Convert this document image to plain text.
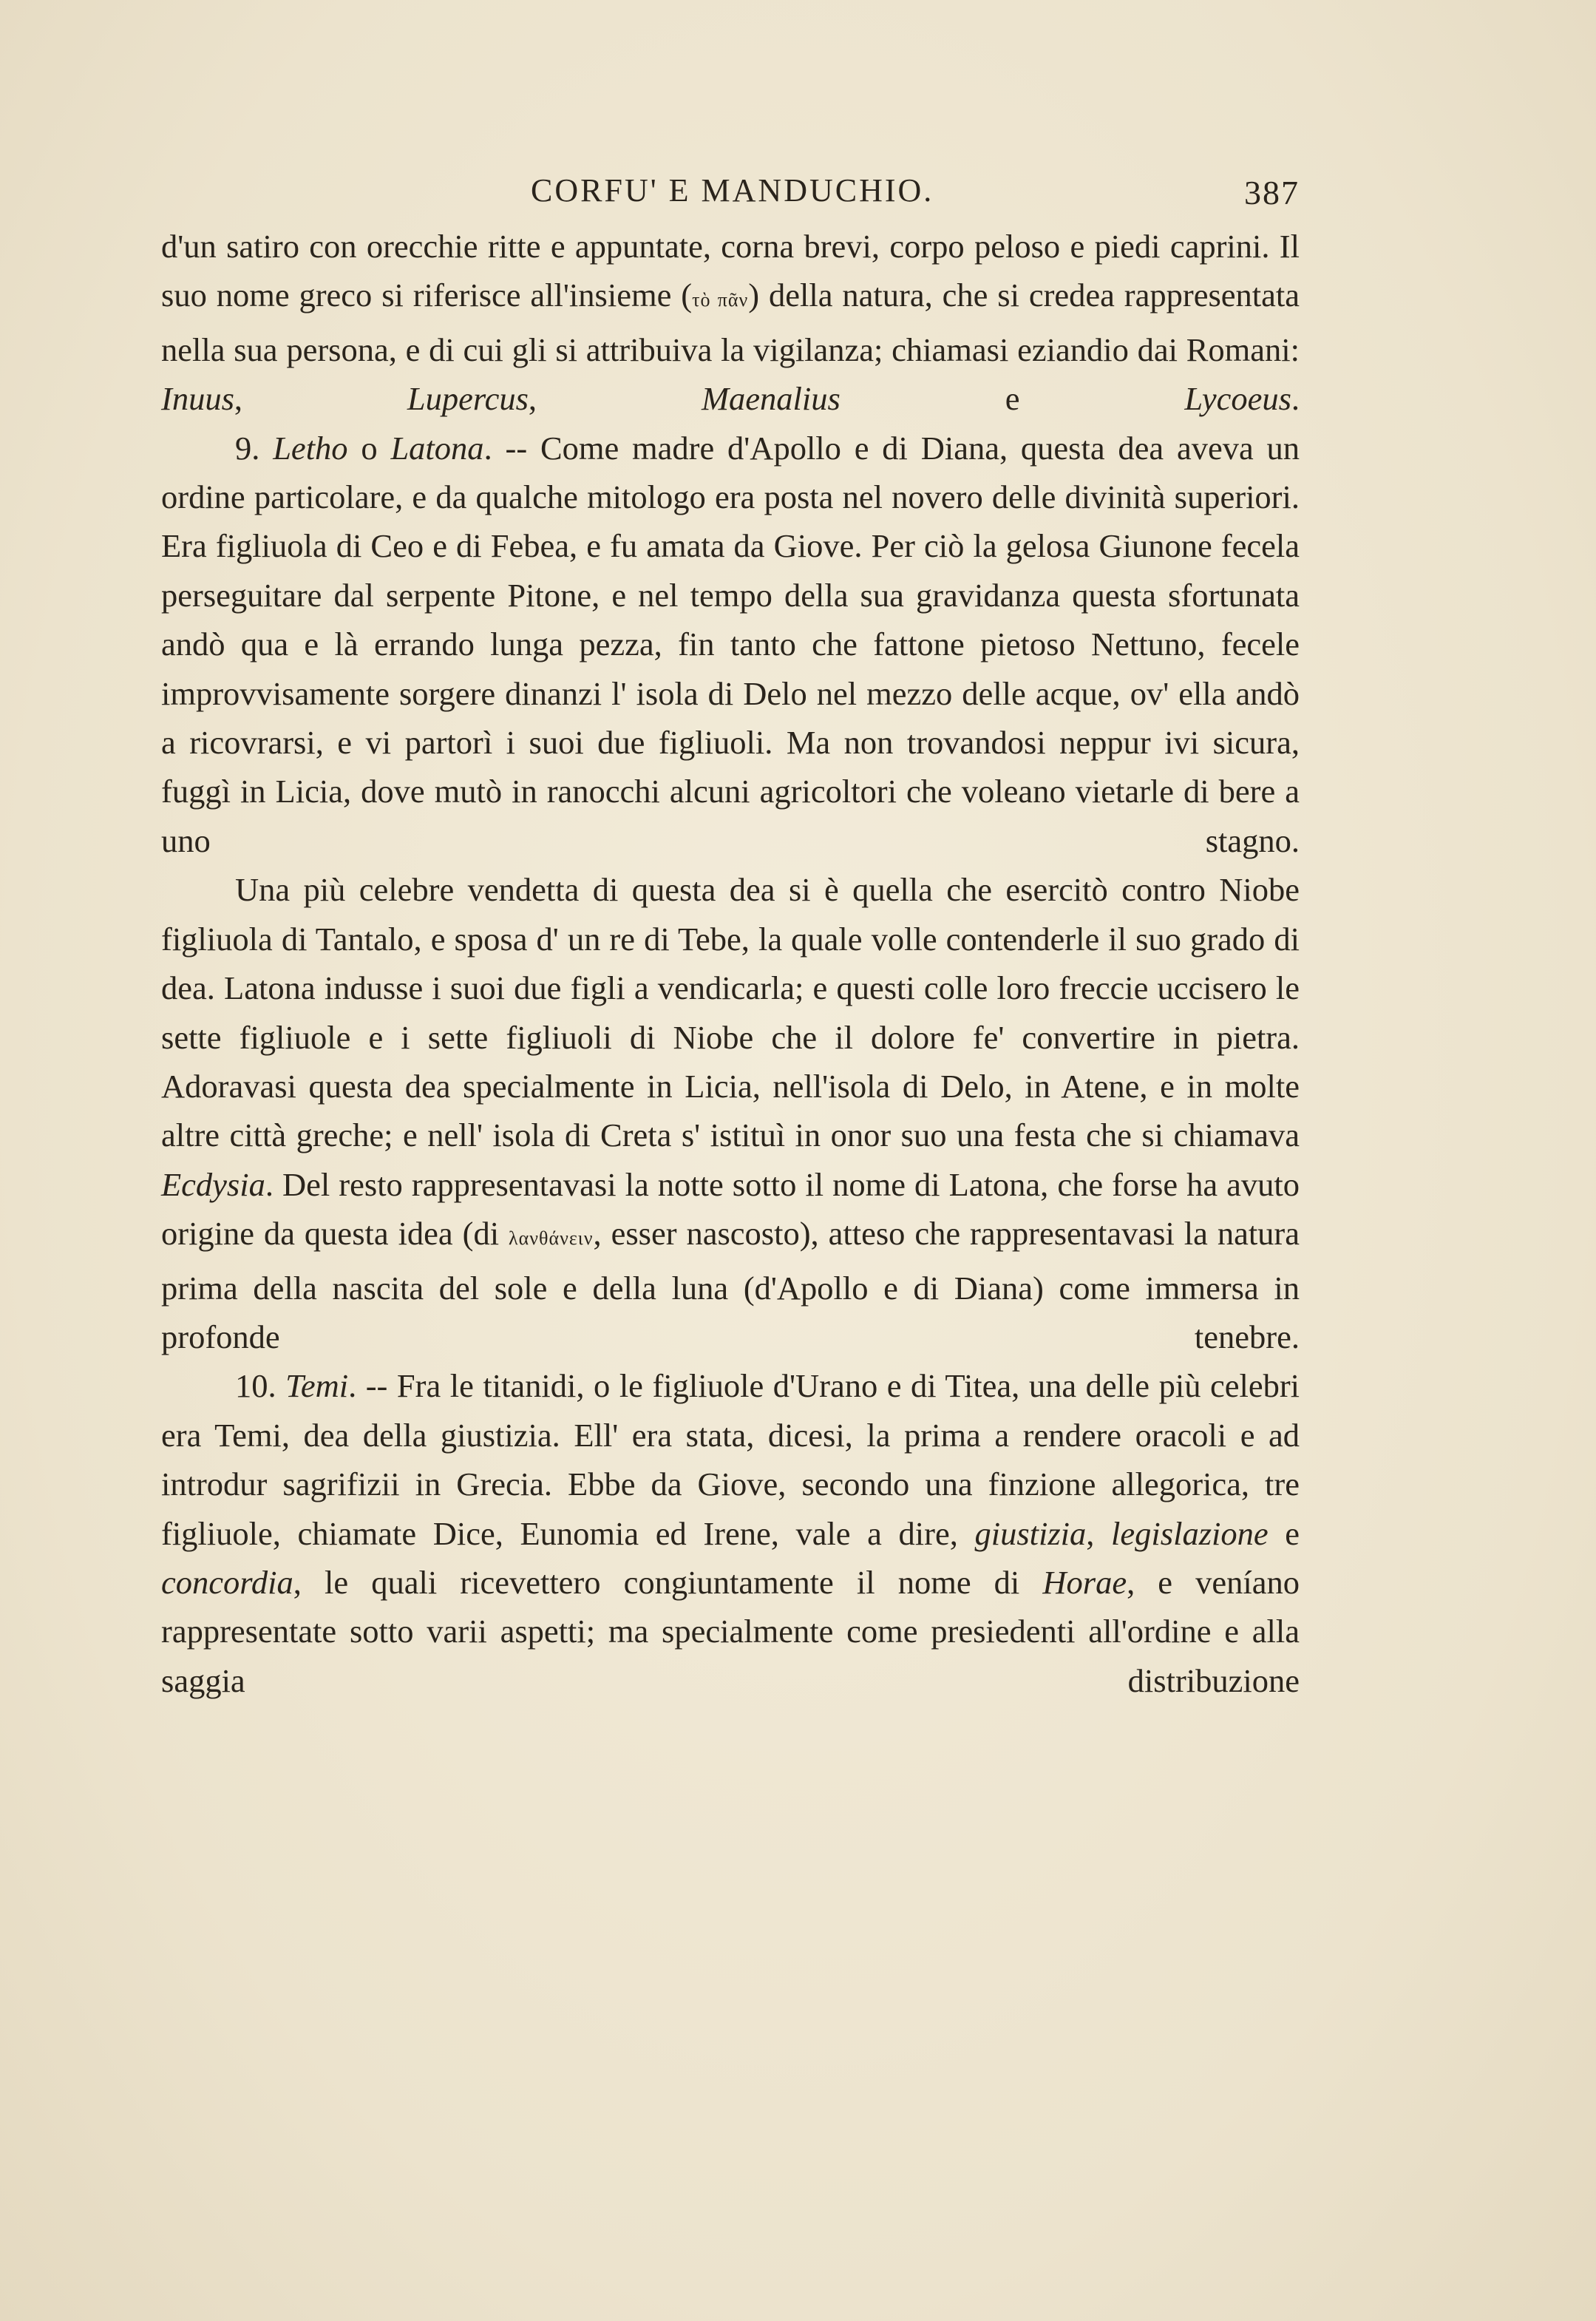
CORFU' E MANDUCHIO.	387

d'un satiro con orecchie ritte e appuntate, corna brevi, corpo peloso e piedi caprini. Il suo nome greco si riferisce all'insieme (τὸ πᾶν) della natura, che si credea rappresentata nella sua persona, e di cui gli si attribuiva la vigilanza; chiamasi eziandio dai Romani: Inuus, Lupercus, Maenalius e Lycoeus.

9. Letho o Latona. -- Come madre d'Apollo e di Diana, questa dea aveva un ordine particolare, e da qualche mitologo era posta nel novero delle divinità superiori. Era figliuola di Ceo e di Febea, e fu amata da Giove. Per ciò la gelosa Giunone fecela perseguitare dal serpente Pitone, e nel tempo della sua gravidanza questa sfortunata andò qua e là errando lunga pezza, fin tanto che fattone pietoso Nettuno, fecele improvvisamente sorgere dinanzi l' isola di Delo nel mezzo delle acque, ov' ella andò a ricovrarsi, e vi partorì i suoi due figliuoli. Ma non trovandosi neppur ivi sicura, fuggì in Licia, dove mutò in ranocchi alcuni agricoltori che voleano vietarle di bere a uno stagno.

Una più celebre vendetta di questa dea si è quella che esercitò contro Niobe figliuola di Tantalo, e sposa d' un re di Tebe, la quale volle contenderle il suo grado di dea. Latona indusse i suoi due figli a vendicarla; e questi colle loro freccie uccisero le sette figliuole e i sette figliuoli di Niobe che il dolore fe' convertire in pietra. Adoravasi questa dea specialmente in Licia, nell'isola di Delo, in Atene, e in molte altre città greche; e nell' isola di Creta s' istituì in onor suo una festa che si chiamava Ecdysia. Del resto rappresentavasi la notte sotto il nome di Latona, che forse ha avuto origine da questa idea (di λανθάνειν, esser nascosto), atteso che rappresentavasi la natura prima della nascita del sole e della luna (d'Apollo e di Diana) come immersa in profonde tenebre.

10. Temi. -- Fra le titanidi, o le figliuole d'Urano e di Titea, una delle più celebri era Temi, dea della giustizia. Ell' era stata, dicesi, la prima a rendere oracoli e ad introdur sagrifizii in Grecia. Ebbe da Giove, secondo una finzione allegorica, tre figliuole, chiamate Dice, Eunomia ed Irene, vale a dire, giustizia, legislazione e concordia, le quali ricevettero congiuntamente il nome di Horae, e veníano rappresentate sotto varii aspetti; ma specialmente come presiedenti all'ordine e alla saggia distribuzione
